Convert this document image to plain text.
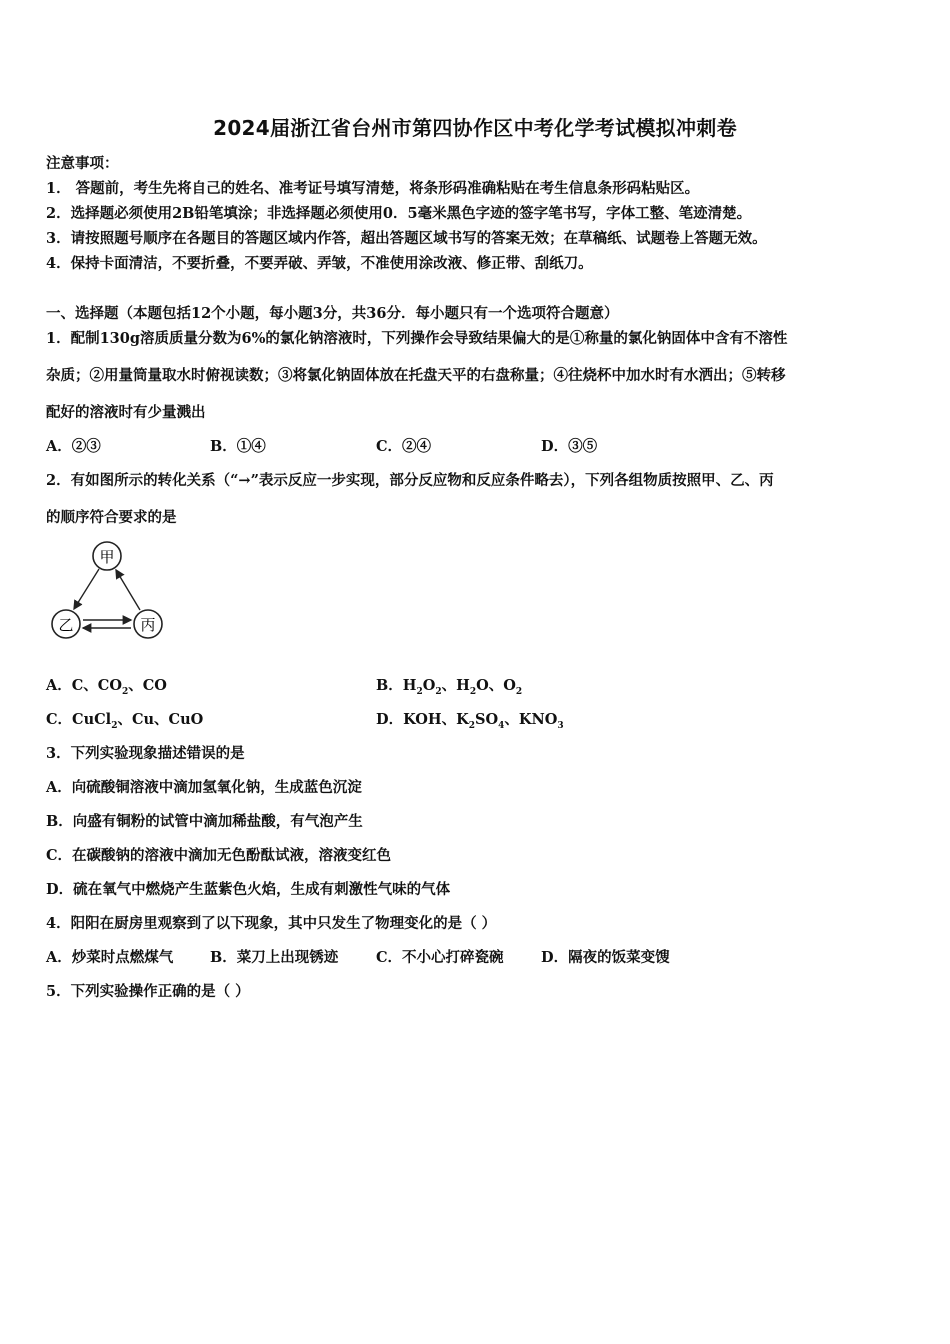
2024届浙江省台州市第四协作区中考化学考试模拟冲刺卷
注意事项：
1． 答题前，考生先将自己的姓名、准考证号填写清楚，将条形码准确粘贴在考生信息条形码粘贴区。
2．选择题必须使用2B铅笔填涂；非选择题必须使用0．5毫米黑色字迹的签字笔书写，字体工整、笔迹清楚。
3．请按照题号顺序在各题目的答题区域内作答，超出答题区域书写的答案无效；在草稿纸、试题卷上答题无效。
4．保持卡面清洁，不要折叠，不要弄破、弄皱，不准使用涂改液、修正带、刮纸刀。
一、选择题（本题包括12个小题，每小题3分，共36分．每小题只有一个选项符合题意）
1．配制130g溶质质量分数为6%的氯化钠溶液时，下列操作会导致结果偏大的是①称量的氯化钠固体中含有不溶性
杂质；②用量筒量取水时俯视读数；③将氯化钠固体放在托盘天平的右盘称量；④往烧杯中加水时有水洒出；⑤转移
配好的溶液时有少量溅出
A．②③	B．①④	C．②④	D．③⑤
2．有如图所示的转化关系（“→”表示反应一步实现，部分反应物和反应条件略去），下列各组物质按照甲、乙、丙
的顺序符合要求的是
甲
乙	丙
A．C、$CO_2$、CO	B．$H_2O_2$、$H_2O$、$O_2$
C．CuCl$_2$、Cu、CuO	D．KOH、$K_2SO_4$、$KNO_3$
3．下列实验现象描述错误的是
A．向硫酸铜溶液中滴加氢氧化钠，生成蓝色沉淀
B．向盛有铜粉的试管中滴加稀盐酸，有气泡产生
C．在碳酸钠的溶液中滴加无色酚酞试液，溶液变红色
D．硫在氧气中燃烧产生蓝紫色火焰，生成有刺激性气味的气体
4．阳阳在厨房里观察到了以下现象，其中只发生了物理变化的是（ ）
A．炒菜时点燃煤气	B．菜刀上出现锈迹	C．不小心打碎瓷碗	D．隔夜的饭菜变馊
5．下列实验操作正确的是（ ）
